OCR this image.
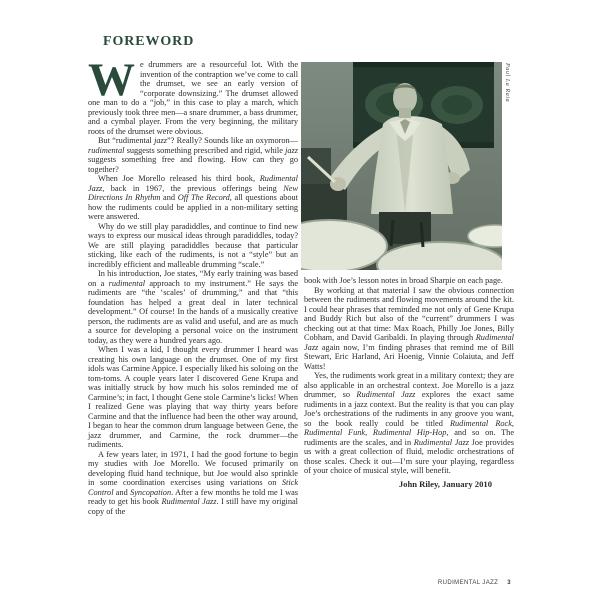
FOREWORD

We drummers are a resourceful lot. With the invention of the contraption we’ve come to call the drumset, we see an early version of “corporate downsizing.” The drumset allowed one man to do a “job,” in this case to play a march, which previously took three men—a snare drummer, a bass drummer, and a cymbal player. From the very beginning, the military roots of the drumset were obvious.

But “rudimental jazz”? Really? Sounds like an oxymoron—rudimental suggests something prescribed and rigid, while jazz suggests something free and flowing. How can they go together?

When Joe Morello released his third book, Rudimental Jazz, back in 1967, the previous offerings being New Directions In Rhythm and Off The Record, all questions about how the rudiments could be applied in a non-military setting were answered.

Why do we still play paradiddles, and continue to find new ways to express our musical ideas through paradiddles, today? We are still playing paradiddles because that particular sticking, like each of the rudiments, is not a “style” but an incredibly efficient and malleable drumming “scale.”

In his introduction, Joe states, “My early training was based on a rudimental approach to my instrument.” He says the rudiments are “the ‘scales’ of drumming,” and that “this foundation has helped a great deal in later technical development.” Of course! In the hands of a musically creative person, the rudiments are as valid and useful, and are as much a source for developing a personal voice on the instrument today, as they were a hundred years ago.

When I was a kid, I thought every drummer I heard was creating his own language on the drumset. One of my first idols was Carmine Appice. I especially liked his soloing on the tom-toms. A couple years later I discovered Gene Krupa and was initially struck by how much his solos reminded me of Carmine’s; in fact, I thought Gene stole Carmine’s licks! When I realized Gene was playing that way thirty years before Carmine and that the influence had been the other way around, I began to hear the common drum language between Gene, the jazz drummer, and Carmine, the rock drummer—the rudiments.

A few years later, in 1971, I had the good fortune to begin my studies with Joe Morello. We focused primarily on developing fluid hand technique, but Joe would also sprinkle in some coordination exercises using variations on Stick Control and Syncopation. After a few months he told me I was ready to get his book Rudimental Jazz. I still have my original copy of the

Paul La Raia

book with Joe’s lesson notes in broad Sharpie on each page.

By working at that material I saw the obvious connection between the rudiments and flowing movements around the kit. I could hear phrases that reminded me not only of Gene Krupa and Buddy Rich but also of the “current” drummers I was checking out at that time: Max Roach, Philly Joe Jones, Billy Cobham, and David Garibaldi. In playing through Rudimental Jazz again now, I’m finding phrases that remind me of Bill Stewart, Eric Harland, Ari Hoenig, Vinnie Colaiuta, and Jeff Watts!

Yes, the rudiments work great in a military context; they are also applicable in an orchestral context. Joe Morello is a jazz drummer, so Rudimental Jazz explores the exact same rudiments in a jazz context. But the reality is that you can play Joe’s orchestrations of the rudiments in any groove you want, so the book really could be titled Rudimental Rock, Rudimental Funk, Rudimental Hip-Hop, and so on. The rudiments are the scales, and in Rudimental Jazz Joe provides us with a great collection of fluid, melodic orchestrations of those scales. Check it out—I’m sure your playing, regardless of your choice of musical style, will benefit.

John Riley, January 2010
RUDIMENTAL JAZZ 3
